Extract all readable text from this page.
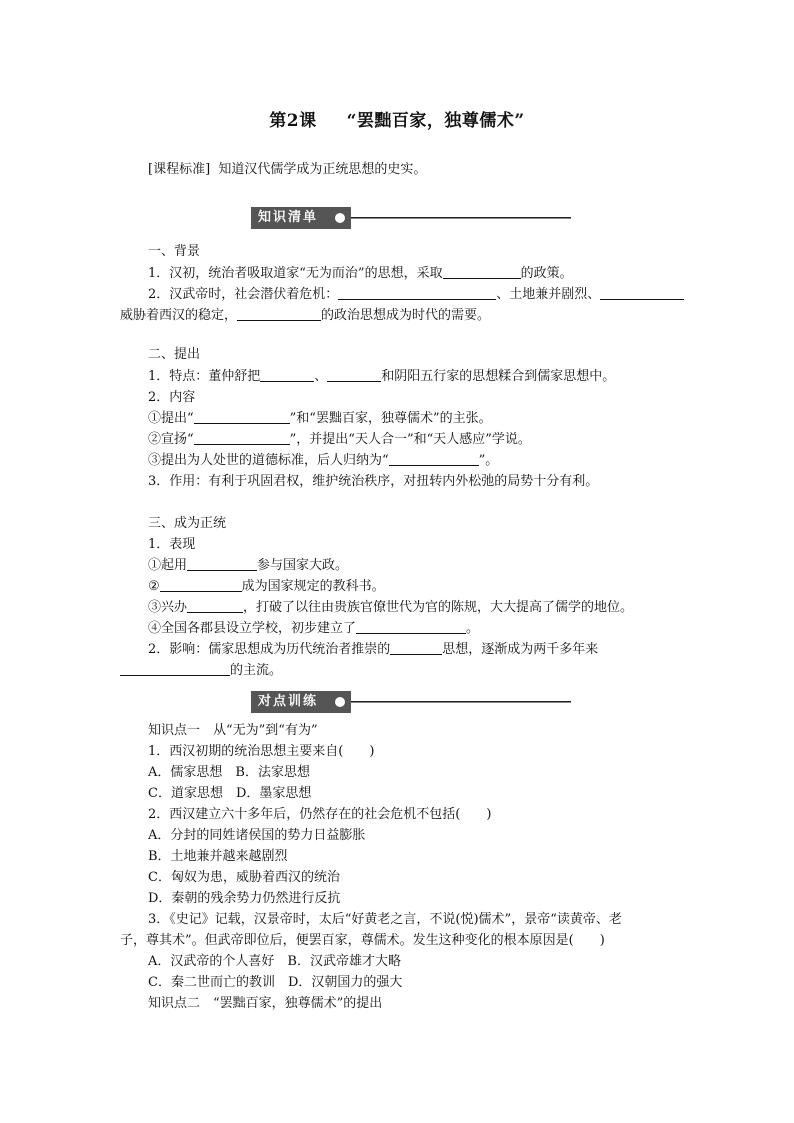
第2课 “罢黜百家，独尊儒术”
[课程标准] 知道汉代儒学成为正统思想的史实。
知识清单
一、背景
1．汉初，统治者吸取道家“无为而治”的思想，采取	的政策。
2．汉武帝时，社会潜伏着危机：	、土地兼并剧烈、
威胁着西汉的稳定，	的政治思想成为时代的需要。
二、提出
1．特点：董仲舒把	、	和阴阳五行家的思想糅合到儒家思想中。
2．内容
①提出“	”和“罢黜百家，独尊儒术”的主张。
②宣扬“	”，并提出“天人合一”和“天人感应”学说。
③提出为人处世的道德标准，后人归纳为“	”。
3．作用：有利于巩固君权，维护统治秩序，对扭转内外松弛的局势十分有利。
三、成为正统
1．表现
①起用	参与国家大政。
②	成为国家规定的教科书。
③兴办	，打破了以往由贵族官僚世代为官的陈规，大大提高了儒学的地位。
④全国各郡县设立学校，初步建立了	。
2．影响：儒家思想成为历代统治者推崇的	思想，逐渐成为两千多年来
的主流。
对点训练
知识点一　从“无为”到“有为”
1．西汉初期的统治思想主要来自(　　)
A．儒家思想　B．法家思想
C．道家思想　D．墨家思想
2．西汉建立六十多年后，仍然存在的社会危机不包括(　　)
A．分封的同姓诸侯国的势力日益膨胀
B．土地兼并越来越剧烈
C．匈奴为患，威胁着西汉的统治
D．秦朝的残余势力仍然进行反抗
3．《史记》记载，汉景帝时，太后“好黄老之言，不说(悦)儒术”，景帝“读黄帝、老
子，尊其术”。但武帝即位后，便罢百家，尊儒术。发生这种变化的根本原因是(　　)
A．汉武帝的个人喜好　B．汉武帝雄才大略
C．秦二世而亡的教训　D．汉朝国力的强大
知识点二　“罢黜百家，独尊儒术”的提出
